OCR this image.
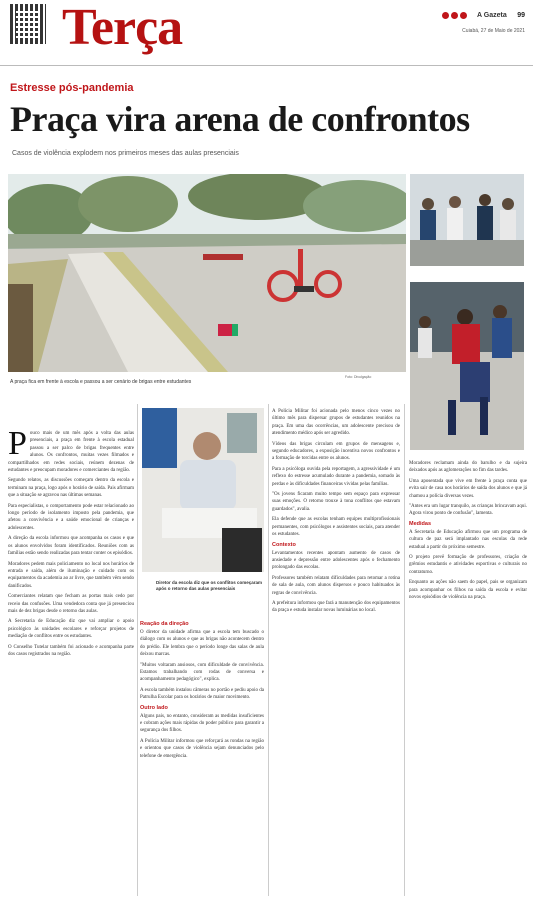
Terça	A Gazeta 99
Cuiabá, 27 de Maio de 2021
Estresse pós-pandemia
Praça vira arena de confrontos
Casos de violência explodem nos primeiros meses das aulas presenciais
A praça fica em frente à escola e passou a ser cenário de brigas entre estudantes
Foto: Divulgação
P ouco mais de um mês após a volta das aulas presenciais, a praça em frente à escola estadual passou a ser palco de brigas frequentes entre alunos. Os confrontos, muitas vezes filmados e compartilhados em redes sociais, reúnem dezenas de estudantes e preocupam moradores e comerciantes da região.

Segundo relatos, as discussões começam dentro da escola e terminam na praça, logo após o horário de saída. Pais afirmam que a situação se agravou nas últimas semanas.

Para especialistas, o comportamento pode estar relacionado ao longo período de isolamento imposto pela pandemia, que afetou a convivência e a saúde emocional de crianças e adolescentes.

A direção da escola informou que acompanha os casos e que os alunos envolvidos foram identificados. Reuniões com as famílias estão sendo realizadas para tentar conter os episódios.

Moradores pedem mais policiamento no local nos horários de entrada e saída, além de iluminação e cuidado com os equipamentos da academia ao ar livre, que também vêm sendo danificados.

Comerciantes relatam que fecham as portas mais cedo por receio das confusões. Uma vendedora conta que já presenciou mais de dez brigas desde o retorno das aulas.

A Secretaria de Educação diz que vai ampliar o apoio psicológico às unidades escolares e reforçar projetos de mediação de conflitos entre os estudantes.

O Conselho Tutelar também foi acionado e acompanha parte dos casos registrados na região.

Diretor da escola diz que os conflitos começaram após o retorno das aulas presenciais
Reação da direção

O diretor da unidade afirma que a escola tem buscado o diálogo com os alunos e que as brigas não acontecem dentro do prédio. Ele lembra que o período longe das salas de aula deixou marcas.

"Muitos voltaram ansiosos, com dificuldade de convivência. Estamos trabalhando com rodas de conversa e acompanhamento pedagógico", explica.

A escola também instalou câmeras no portão e pediu apoio da Patrulha Escolar para os horários de maior movimento.

Outro lado

Alguns pais, no entanto, consideram as medidas insuficientes e cobram ações mais rápidas do poder público para garantir a segurança dos filhos.

A Polícia Militar informou que reforçará as rondas na região e orientou que casos de violência sejam denunciados pelo telefone de emergência.

A Polícia Militar foi acionada pelo menos cinco vezes no último mês para dispersar grupos de estudantes reunidos na praça. Em uma das ocorrências, um adolescente precisou de atendimento médico após ser agredido.

Vídeos das brigas circulam em grupos de mensagens e, segundo educadores, a exposição incentiva novos confrontos e a formação de torcidas entre os alunos.

Para a psicóloga ouvida pela reportagem, a agressividade é um reflexo do estresse acumulado durante a pandemia, somado às perdas e às dificuldades financeiras vividas pelas famílias.

"Os jovens ficaram muito tempo sem espaço para expressar suas emoções. O retorno trouxe à tona conflitos que estavam guardados", avalia.

Ela defende que as escolas tenham equipes multiprofissionais permanentes, com psicólogos e assistentes sociais, para atender os estudantes.

Contexto

Levantamentos recentes apontam aumento de casos de ansiedade e depressão entre adolescentes após o fechamento prolongado das escolas.

Professores também relatam dificuldades para retomar a rotina de sala de aula, com alunos dispersos e pouco habituados às regras de convivência.

A prefeitura informou que fará a manutenção dos equipamentos da praça e estuda instalar novas luminárias no local.

Moradores reclamam ainda do barulho e da sujeira deixados após as aglomerações no fim das tardes.

Uma aposentada que vive em frente à praça conta que evita sair de casa nos horários de saída dos alunos e que já chamou a polícia diversas vezes.

"Antes era um lugar tranquilo, as crianças brincavam aqui. Agora virou ponto de confusão", lamenta.

Medidas

A Secretaria de Educação afirmou que um programa de cultura de paz será implantado nas escolas da rede estadual a partir do próximo semestre.

O projeto prevê formação de professores, criação de grêmios estudantis e atividades esportivas e culturais no contraturno.

Enquanto as ações não saem do papel, pais se organizam para acompanhar os filhos na saída da escola e evitar novos episódios de violência na praça.
